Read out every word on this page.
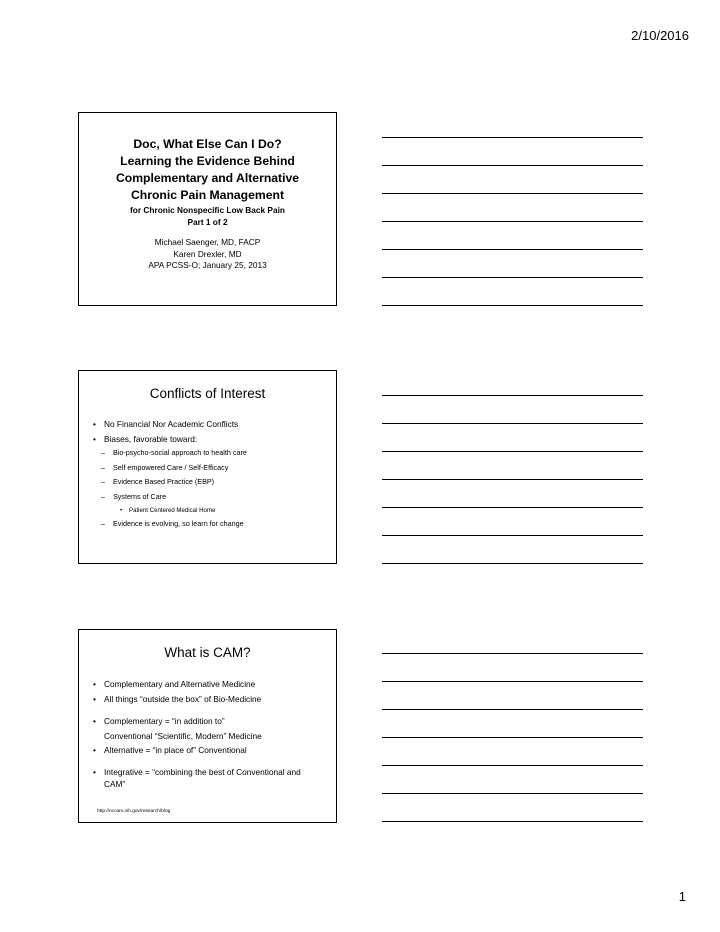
2/10/2016
Doc, What Else Can I Do?
Learning the Evidence Behind
Complementary and Alternative
Chronic Pain Management
for Chronic Nonspecific Low Back Pain
Part 1 of 2
Michael Saenger, MD, FACP
Karen Drexler, MD
APA PCSS-O; January 25, 2013
Conflicts of Interest
• No Financial Nor Academic Conflicts
• Biases, favorable toward:
– Bio-psycho-social approach to health care
– Self empowered Care / Self-Efficacy
– Evidence Based Practice (EBP)
– Systems of Care
• Patient Centered Medical Home
– Evidence is evolving, so learn for change
What is CAM?
• Complementary and Alternative Medicine
• All things “outside the box” of Bio-Medicine
• Complementary = “in addition to”
Conventional “Scientific, Modern” Medicine
• Alternative = “in place of” Conventional
• Integrative = “combining the best of Conventional and CAM”
http://nccam.nih.gov/research/blog
1
